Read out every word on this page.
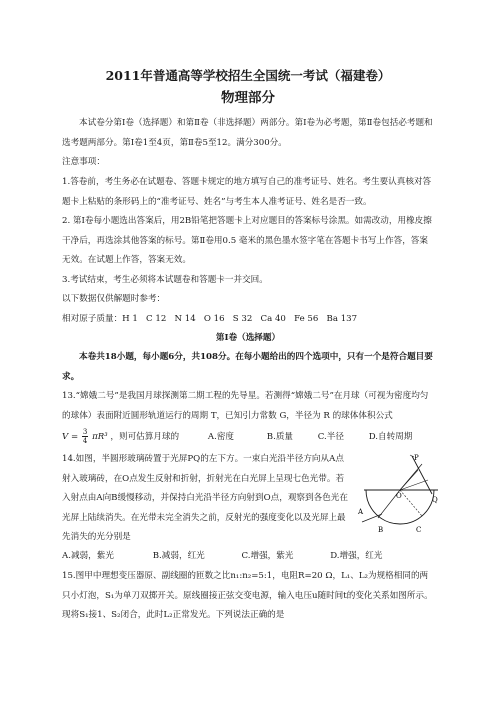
2011年普通高等学校招生全国统一考试（福建卷）
物理部分
本试卷分第Ⅰ卷（选择题）和第Ⅱ卷（非选择题）两部分。第Ⅰ卷为必考题，第Ⅱ卷包括必考题和选考题两部分。第Ⅰ卷1至4页，第Ⅱ卷5至12。满分300分。
注意事项：
1.答卷前，考生务必在试题卷、答题卡规定的地方填写自己的准考证号、姓名。考生要认真核对答题卡上粘贴的条形码上的“准考证号、姓名”与考生本人准考证号、姓名是否一致。
2. 第Ⅰ卷每小题选出答案后，用2B铅笔把答题卡上对应题目的答案标号涂黑。如需改动，用橡皮擦干净后，再选涂其他答案的标号。第Ⅱ卷用0.5 毫米的黑色墨水签字笔在答题卡书写上作答，答案无效。在试题上作答，答案无效。
3.考试结束，考生必须将本试题卷和答题卡一并交回。
以下数据仅供解题时参考：
相对原子质量：H 1   C 12   N 14   O 16   S 32   Ca 40   Fe 56   Ba 137
第Ⅰ卷（选择题）
本卷共18小题，每小题6分，共108分。在每小题给出的四个选项中，只有一个是符合题目要求。
13.“嫦娥二号”是我国月球探测第二期工程的先导星。若测得“嫦娥二号”在月球（可视为密度均匀的球体）表面附近圆形轨道运行的周期 T，已知引力常数 G，半径为 R 的球体体积公式
$V = \frac{3}{4} \pi R^3$ ，则可估算月球的	A.密度	B.质量	C.半径	D.自转周期
14.如图，半圆形玻璃砖置于光屏PQ的左下方。一束白光沿半径方向从A点射入玻璃砖，在O点发生反射和折射，折射光在白光屏上呈现七色光带。若入射点由A向B缓慢移动，并保持白光沿半径方向射到O点，观察到各色光在光屏上陆续消失。在光带未完全消失之前，反射光的强度变化以及光屏上最先消失的光分别是
P
Q
A
B	C
O
A.减弱，紫光	B.减弱，红光	C.增强，紫光	D.增强，红光
15.图甲中理想变压器原、副线圈的匝数之比n₁:n₂=5:1，电阻R=20 Ω，L₁、L₂为规格相同的两只小灯泡，S₁为单刀双掷开关。原线圈接正弦交变电源，输入电压u随时间t的变化关系如图所示。现将S₁接1、S₂闭合，此时L₂正常发光。下列说法正确的是
